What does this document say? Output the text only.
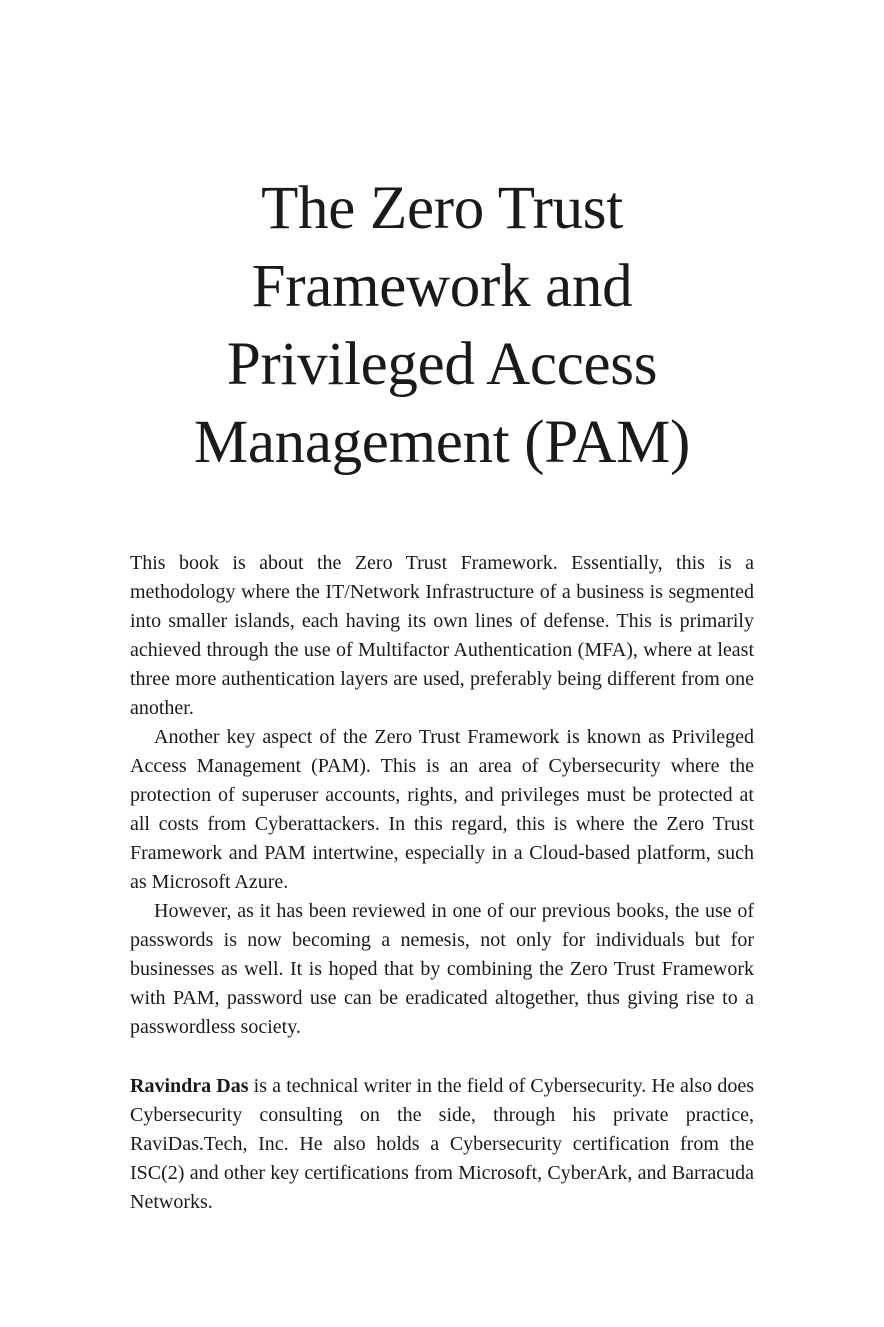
The Zero Trust
Framework and
Privileged Access
Management (PAM)

This book is about the Zero Trust Framework. Essentially, this is a methodology where the IT/Network Infrastructure of a business is segmented into smaller islands, each having its own lines of defense. This is primarily achieved through the use of Multifactor Authentication (MFA), where at least three more authentication layers are used, preferably being different from one another.

Another key aspect of the Zero Trust Framework is known as Privileged Access Management (PAM). This is an area of Cybersecurity where the protection of superuser accounts, rights, and privileges must be protected at all costs from Cyberattackers. In this regard, this is where the Zero Trust Framework and PAM intertwine, especially in a Cloud-based platform, such as Microsoft Azure.

However, as it has been reviewed in one of our previous books, the use of passwords is now becoming a nemesis, not only for individuals but for businesses as well. It is hoped that by combining the Zero Trust Framework with PAM, password use can be eradicated altogether, thus giving rise to a passwordless society.

Ravindra Das is a technical writer in the field of Cybersecurity. He also does Cybersecurity consulting on the side, through his private practice, RaviDas.Tech, Inc. He also holds a Cybersecurity certification from the ISC(2) and other key certifications from Microsoft, CyberArk, and Barracuda Networks.
